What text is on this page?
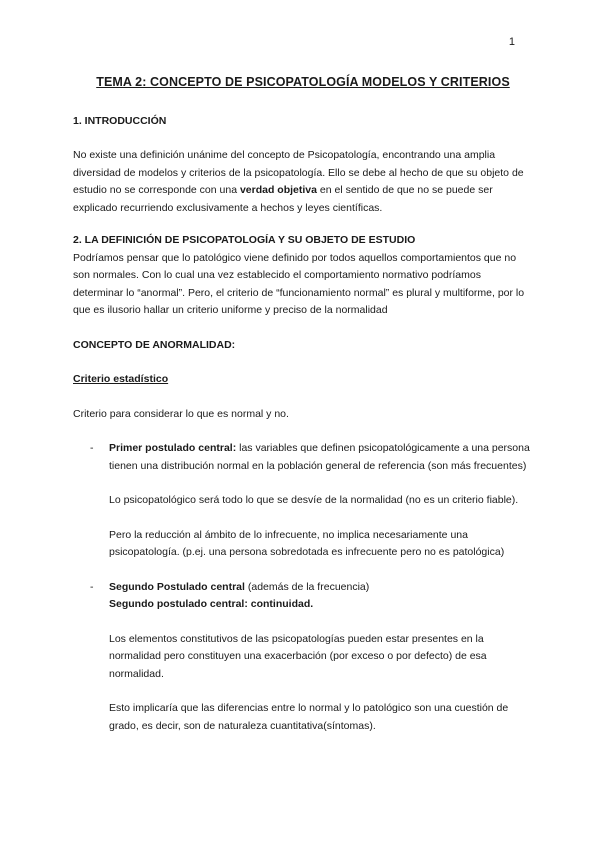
1
TEMA 2: CONCEPTO DE PSICOPATOLOGÍA MODELOS Y CRITERIOS
1. INTRODUCCIÓN

No existe una definición unánime del concepto de Psicopatología, encontrando una amplia diversidad de modelos y criterios de la psicopatología. Ello se debe al hecho de que su objeto de estudio no se corresponde con una verdad objetiva en el sentido de que no se puede ser explicado recurriendo exclusivamente a hechos y leyes científicas.

2. LA DEFINICIÓN DE PSICOPATOLOGÍA Y SU OBJETO DE ESTUDIO

Podríamos pensar que lo patológico viene definido por todos aquellos comportamientos que no son normales. Con lo cual una vez establecido el comportamiento normativo podríamos determinar lo “anormal”. Pero, el criterio de “funcionamiento normal” es plural y multiforme, por lo que es ilusorio hallar un criterio uniforme y preciso de la normalidad

CONCEPTO DE ANORMALIDAD:

Criterio estadístico

Criterio para considerar lo que es normal y no.

- Primer postulado central: las variables que definen psicopatológicamente a una persona tienen una distribución normal en la población general de referencia (son más frecuentes)

Lo psicopatológico será todo lo que se desvíe de la normalidad (no es un criterio fiable).

Pero la reducción al ámbito de lo infrecuente, no implica necesariamente una psicopatología. (p.ej. una persona sobredotada es infrecuente pero no es patológica)

- Segundo Postulado central (además de la frecuencia)

Segundo postulado central: continuidad.

Los elementos constitutivos de las psicopatologías pueden estar presentes en la normalidad pero constituyen una exacerbación (por exceso o por defecto) de esa normalidad.

Esto implicaría que las diferencias entre lo normal y lo patológico son una cuestión de grado, es decir, son de naturaleza cuantitativa(síntomas).
